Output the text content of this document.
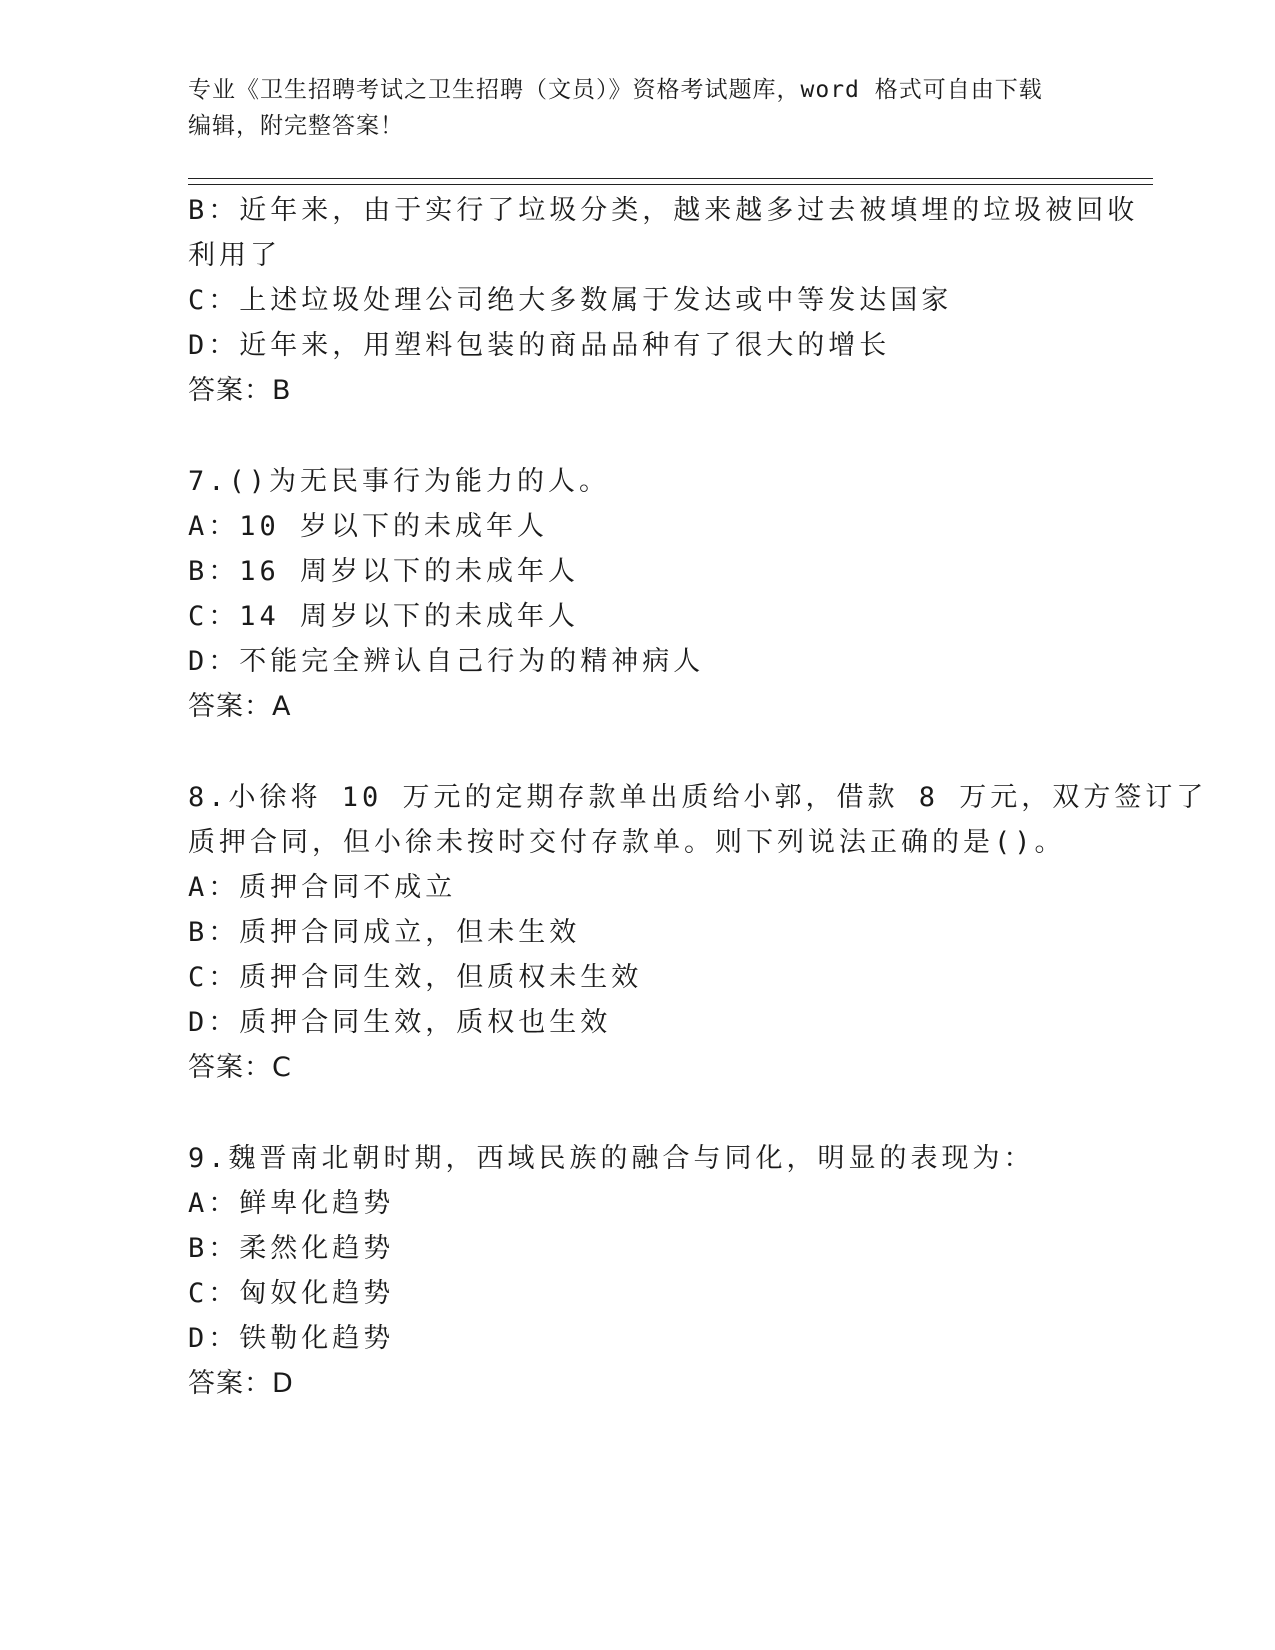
专业《卫生招聘考试之卫生招聘（文员）》资格考试题库，word 格式可自由下载
编辑，附完整答案！
B：近年来，由于实行了垃圾分类，越来越多过去被填埋的垃圾被回收
利用了
C：上述垃圾处理公司绝大多数属于发达或中等发达国家
D：近年来，用塑料包装的商品品种有了很大的增长
答案：B
7.()为无民事行为能力的人。
A：10 岁以下的未成年人
B：16 周岁以下的未成年人
C：14 周岁以下的未成年人
D：不能完全辨认自己行为的精神病人
答案：A
8.小徐将 10 万元的定期存款单出质给小郭，借款 8 万元，双方签订了
质押合同，但小徐未按时交付存款单。则下列说法正确的是()。
A：质押合同不成立
B：质押合同成立，但未生效
C：质押合同生效，但质权未生效
D：质押合同生效，质权也生效
答案：C
9.魏晋南北朝时期，西域民族的融合与同化，明显的表现为：
A：鲜卑化趋势
B：柔然化趋势
C：匈奴化趋势
D：铁勒化趋势
答案：D
